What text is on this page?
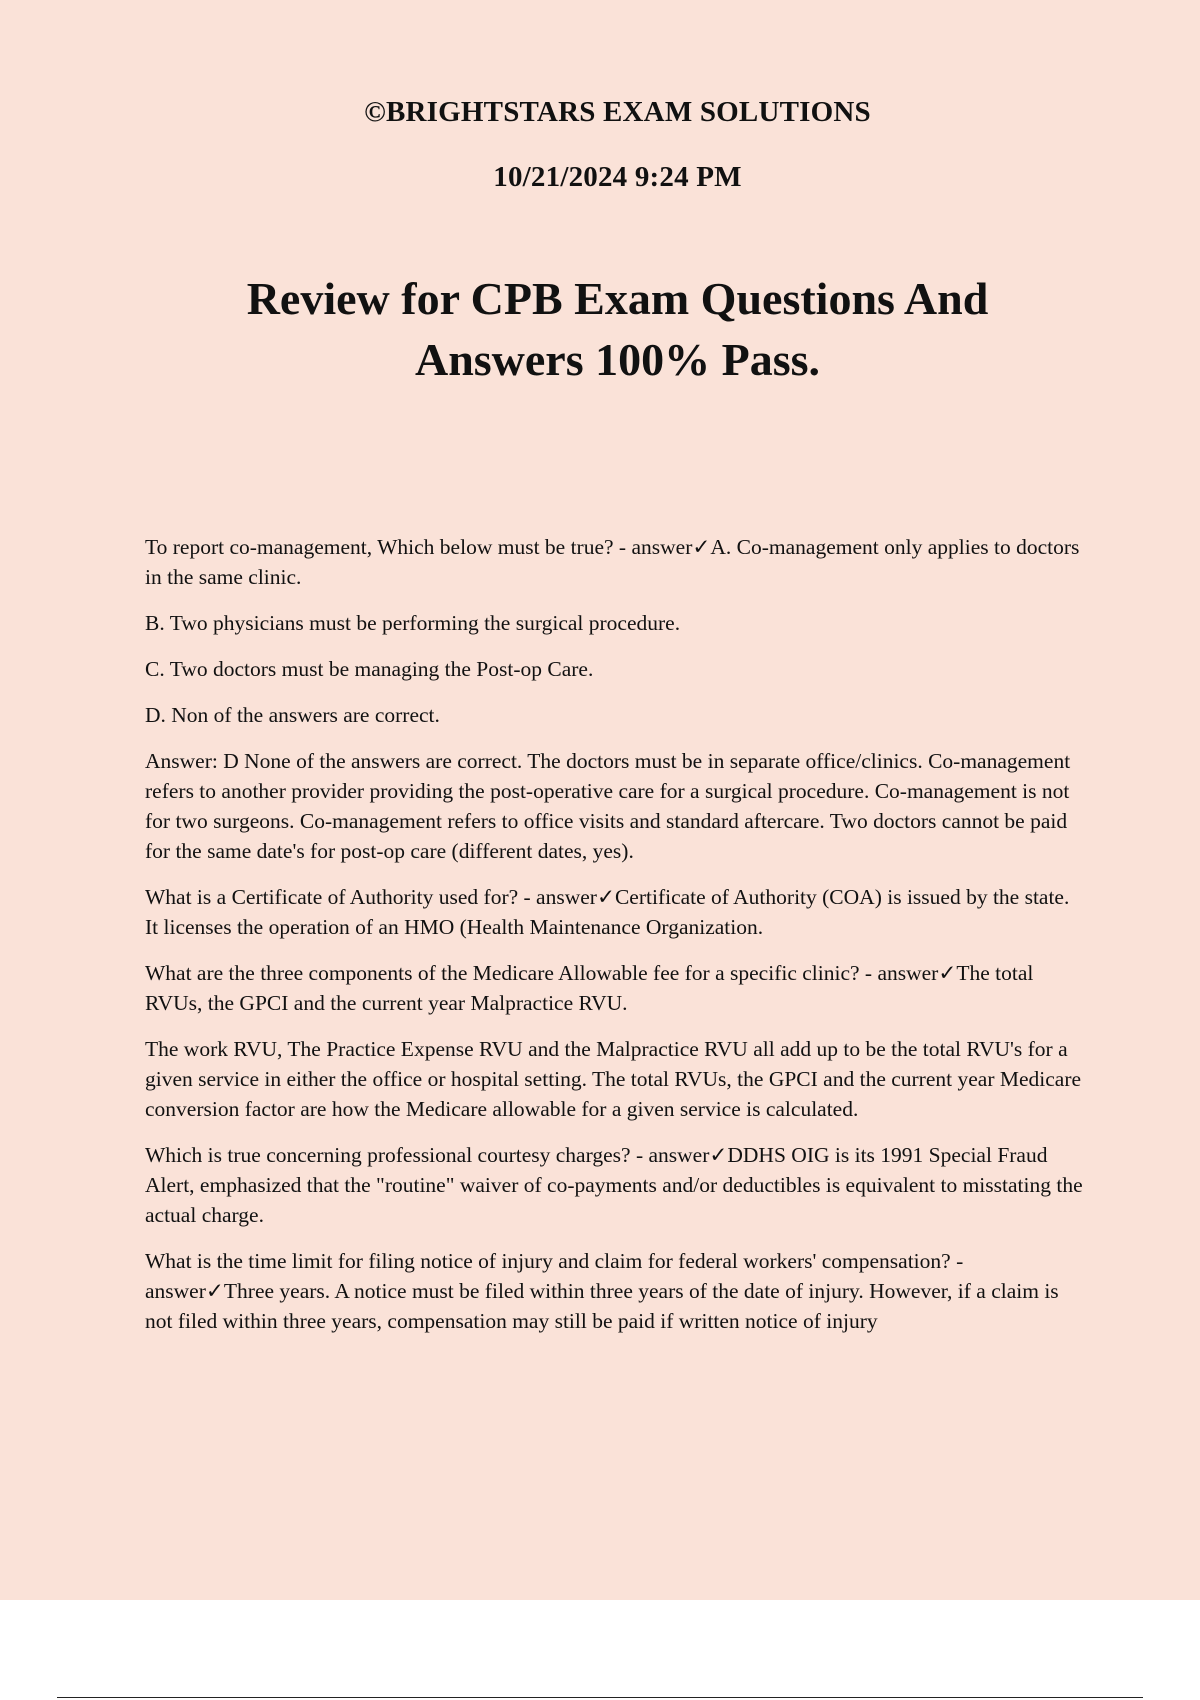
©BRIGHTSTARS EXAM SOLUTIONS
10/21/2024 9:24 PM
Review for CPB Exam Questions And Answers 100% Pass.

To report co-management, Which below must be true? - answer✓A. Co-management only applies to doctors in the same clinic.

B. Two physicians must be performing the surgical procedure.

C. Two doctors must be managing the Post-op Care.

D. Non of the answers are correct.

Answer: D None of the answers are correct. The doctors must be in separate office/clinics. Co-management refers to another provider providing the post-operative care for a surgical procedure. Co-management is not for two surgeons. Co-management refers to office visits and standard aftercare. Two doctors cannot be paid for the same date's for post-op care (different dates, yes).

What is a Certificate of Authority used for? - answer✓Certificate of Authority (COA) is issued by the state. It licenses the operation of an HMO (Health Maintenance Organization.

What are the three components of the Medicare Allowable fee for a specific clinic? - answer✓The total RVUs, the GPCI and the current year Malpractice RVU.

The work RVU, The Practice Expense RVU and the Malpractice RVU all add up to be the total RVU's for a given service in either the office or hospital setting. The total RVUs, the GPCI and the current year Medicare conversion factor are how the Medicare allowable for a given service is calculated.

Which is true concerning professional courtesy charges? - answer✓DDHS OIG is its 1991 Special Fraud Alert, emphasized that the "routine" waiver of co-payments and/or deductibles is equivalent to misstating the actual charge.

What is the time limit for filing notice of injury and claim for federal workers' compensation? - answer✓Three years. A notice must be filed within three years of the date of injury. However, if a claim is not filed within three years, compensation may still be paid if written notice of injury
